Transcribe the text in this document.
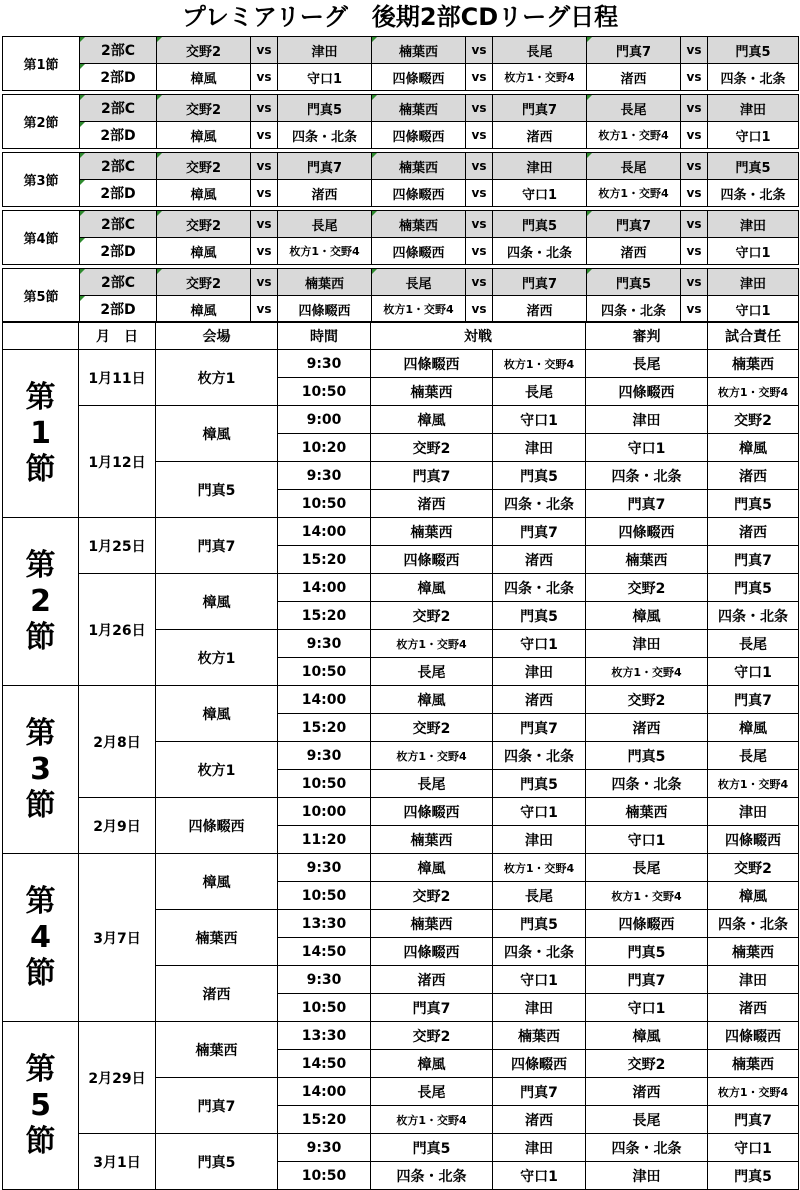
プレミアリーグ　後期2部CDリーグ日程
第1節	2部C	交野2	vs	津田	楠葉西	vs	長尾	門真7	vs	門真5
	2部D	樟風	vs	守口1	四條畷西	vs	枚方1・交野4	渚西	vs	四条・北条

第2節	2部C	交野2	vs	門真5	楠葉西	vs	門真7	長尾	vs	津田
	2部D	樟風	vs	四条・北条	四條畷西	vs	渚西	枚方1・交野4	vs	守口1

第3節	2部C	交野2	vs	門真7	楠葉西	vs	津田	長尾	vs	門真5
	2部D	樟風	vs	渚西	四條畷西	vs	守口1	枚方1・交野4	vs	四条・北条

第4節	2部C	交野2	vs	長尾	楠葉西	vs	門真5	門真7	vs	津田
	2部D	樟風	vs	枚方1・交野4	四條畷西	vs	四条・北条	渚西	vs	守口1

第5節	2部C	交野2	vs	楠葉西	長尾	vs	門真7	門真5	vs	津田
	2部D	樟風	vs	四條畷西	枚方1・交野4	vs	渚西	四条・北条	vs	守口1
	月　日	会場	時間	対戦		審判	試合責任

第
1
節	1月11日	枚方1	9:30	四條畷西	枚方1・交野4	長尾	楠葉西
			10:50	楠葉西	長尾	四條畷西	枚方1・交野4
	1月12日	樟風	9:00	樟風	守口1	津田	交野2
			10:20	交野2	津田	守口1	樟風
		門真5	9:30	門真7	門真5	四条・北条	渚西
			10:50	渚西	四条・北条	門真7	門真5

第
2
節	1月25日	門真7	14:00	楠葉西	門真7	四條畷西	渚西
			15:20	四條畷西	渚西	楠葉西	門真7
	1月26日	樟風	14:00	樟風	四条・北条	交野2	門真5
			15:20	交野2	門真5	樟風	四条・北条
		枚方1	9:30	枚方1・交野4	守口1	津田	長尾
			10:50	長尾	津田	枚方1・交野4	守口1

第
3
節	2月8日	樟風	14:00	樟風	渚西	交野2	門真7
			15:20	交野2	門真7	渚西	樟風
		枚方1	9:30	枚方1・交野4	四条・北条	門真5	長尾
			10:50	長尾	門真5	四条・北条	枚方1・交野4
	2月9日	四條畷西	10:00	四條畷西	守口1	楠葉西	津田
			11:20	楠葉西	津田	守口1	四條畷西

第
4
節	3月7日	樟風	9:30	樟風	枚方1・交野4	長尾	交野2
			10:50	交野2	長尾	枚方1・交野4	樟風
		楠葉西	13:30	楠葉西	門真5	四條畷西	四条・北条
			14:50	四條畷西	四条・北条	門真5	楠葉西
		渚西	9:30	渚西	守口1	門真7	津田
			10:50	門真7	津田	守口1	渚西

第
5
節	2月29日	楠葉西	13:30	交野2	楠葉西	樟風	四條畷西
			14:50	樟風	四條畷西	交野2	楠葉西
		門真7	14:00	長尾	門真7	渚西	枚方1・交野4
			15:20	枚方1・交野4	渚西	長尾	門真7
	3月1日	門真5	9:30	門真5	津田	四条・北条	守口1
			10:50	四条・北条	守口1	津田	門真5
